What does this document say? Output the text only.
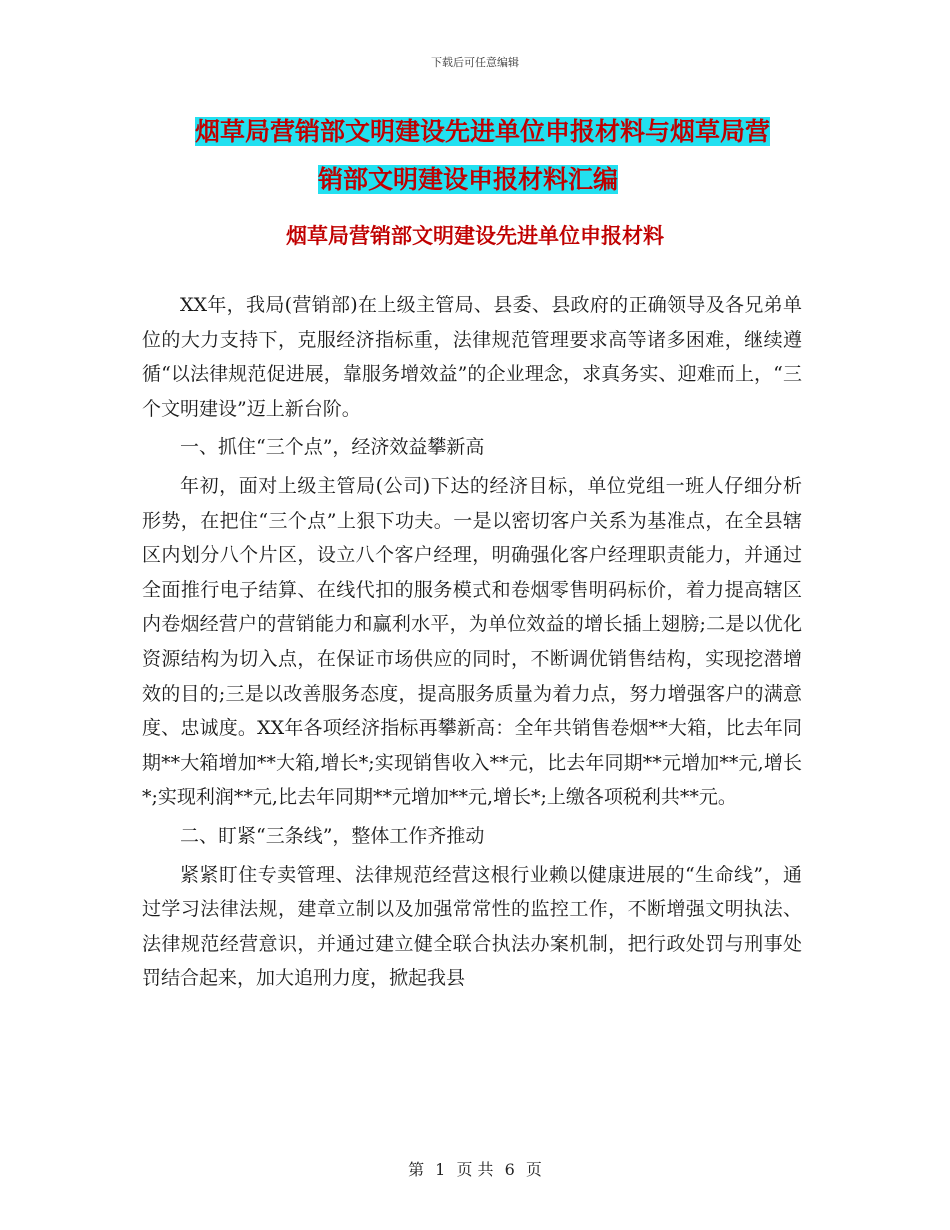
下载后可任意编辑
烟草局营销部文明建设先进单位申报材料与烟草局营
销部文明建设申报材料汇编
烟草局营销部文明建设先进单位申报材料

XX年，我局(营销部)在上级主管局、县委、县政府的正确领导及各兄弟单位的大力支持下，克服经济指标重，法律规范管理要求高等诸多困难，继续遵循“以法律规范促进展，靠服务增效益”的企业理念，求真务实、迎难而上，“三个文明建设”迈上新台阶。

一、抓住“三个点”，经济效益攀新高

年初，面对上级主管局(公司)下达的经济目标，单位党组一班人仔细分析形势，在把住“三个点”上狠下功夫。一是以密切客户关系为基准点，在全县辖区内划分八个片区，设立八个客户经理，明确强化客户经理职责能力，并通过全面推行电子结算、在线代扣的服务模式和卷烟零售明码标价，着力提高辖区内卷烟经营户的营销能力和赢利水平，为单位效益的增长插上翅膀;二是以优化资源结构为切入点，在保证市场供应的同时，不断调优销售结构，实现挖潜增效的目的;三是以改善服务态度，提高服务质量为着力点，努力增强客户的满意度、忠诚度。XX年各项经济指标再攀新高：全年共销售卷烟**大箱，比去年同期**大箱增加**大箱,增长*;实现销售收入**元，比去年同期**元增加**元,增长*;实现利润**元,比去年同期**元增加**元,增长*;上缴各项税利共**元。

二、盯紧“三条线”，整体工作齐推动

紧紧盯住专卖管理、法律规范经营这根行业赖以健康进展的“生命线”，通过学习法律法规，建章立制以及加强常常性的监控工作，不断增强文明执法、法律规范经营意识，并通过建立健全联合执法办案机制，把行政处罚与刑事处罚结合起来，加大追刑力度，掀起我县

第 1 页 共 6 页
